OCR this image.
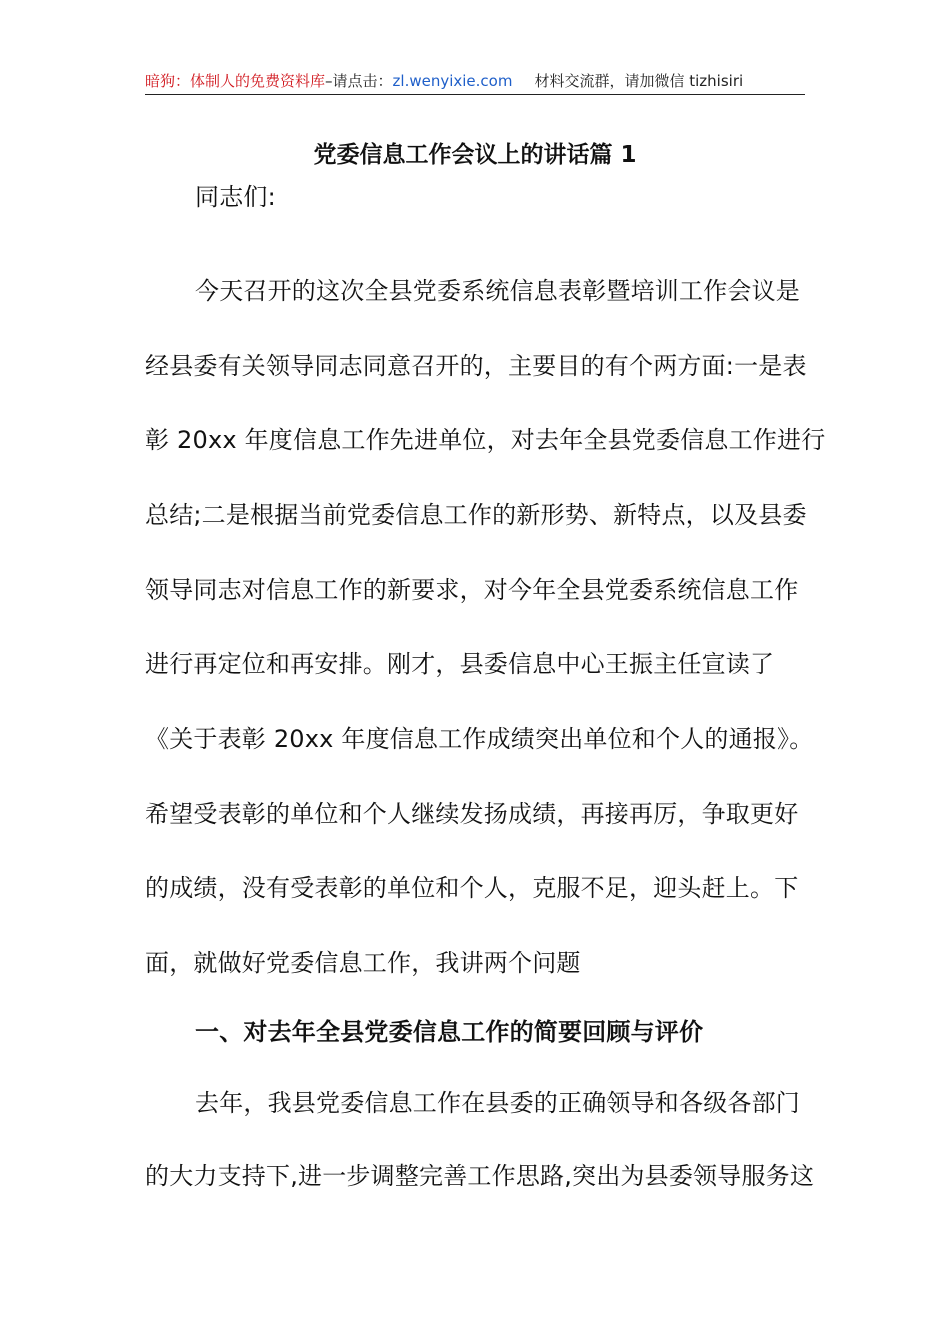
暗狗：体制人的免费资料库–请点击：zl.wenyixie.com 材料交流群，请加微信 tizhisiri
党委信息工作会议上的讲话篇 1
同志们:
今天召开的这次全县党委系统信息表彰暨培训工作会议是
经县委有关领导同志同意召开的，主要目的有个两方面:一是表
彰 20xx 年度信息工作先进单位，对去年全县党委信息工作进行
总结;二是根据当前党委信息工作的新形势、新特点，以及县委
领导同志对信息工作的新要求，对今年全县党委系统信息工作
进行再定位和再安排。刚才，县委信息中心王振主任宣读了
《关于表彰 20xx 年度信息工作成绩突出单位和个人的通报》。
希望受表彰的单位和个人继续发扬成绩，再接再厉，争取更好
的成绩，没有受表彰的单位和个人，克服不足，迎头赶上。下
面，就做好党委信息工作，我讲两个问题
一、对去年全县党委信息工作的简要回顾与评价
去年，我县党委信息工作在县委的正确领导和各级各部门
的大力支持下,进一步调整完善工作思路,突出为县委领导服务这
